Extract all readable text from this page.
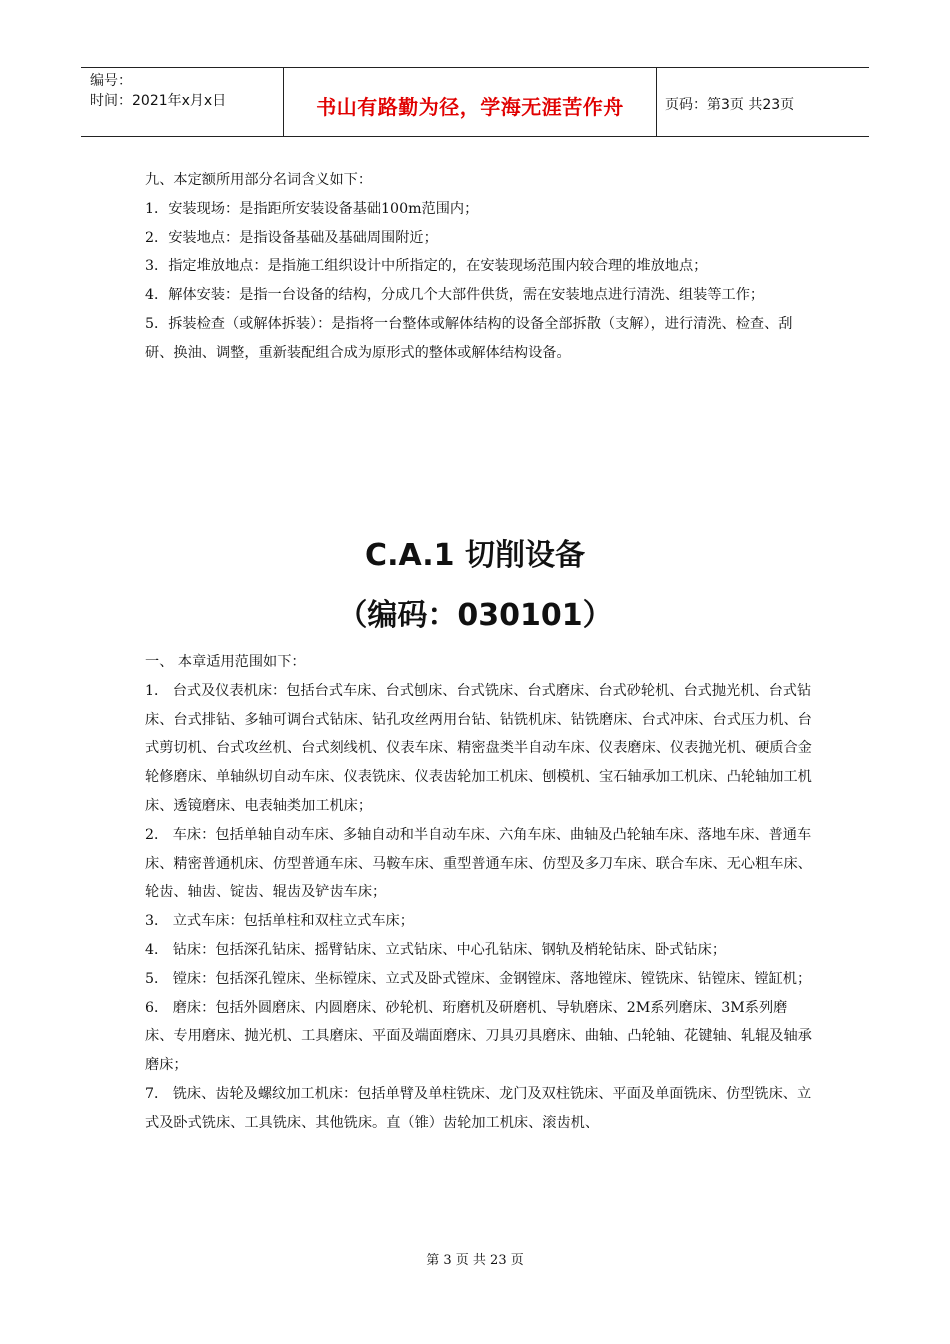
编号：
时间：2021年x月x日	书山有路勤为径，学海无涯苦作舟	页码：第3页 共23页

九、本定额所用部分名词含义如下：

1．安装现场：是指距所安装设备基础100m范围内；

2．安装地点：是指设备基础及基础周围附近；

3．指定堆放地点：是指施工组织设计中所指定的，在安装现场范围内较合理的堆放地点；

4．解体安装：是指一台设备的结构，分成几个大部件供货，需在安装地点进行清洗、组装等工作；

5．拆装检查（或解体拆装）：是指将一台整体或解体结构的设备全部拆散（支解），进行清洗、检查、刮研、换油、调整，重新装配组合成为原形式的整体或解体结构设备。

C.A.1 切削设备
（编码：030101）

一、 本章适用范围如下：

1． 台式及仪表机床：包括台式车床、台式刨床、台式铣床、台式磨床、台式砂轮机、台式抛光机、台式钻床、台式排钻、多轴可调台式钻床、钻孔攻丝两用台钻、钻铣机床、钻铣磨床、台式冲床、台式压力机、台式剪切机、台式攻丝机、台式刻线机、仪表车床、精密盘类半自动车床、仪表磨床、仪表抛光机、硬质合金轮修磨床、单轴纵切自动车床、仪表铣床、仪表齿轮加工机床、刨模机、宝石轴承加工机床、凸轮轴加工机床、透镜磨床、电表轴类加工机床；

2． 车床：包括单轴自动车床、多轴自动和半自动车床、六角车床、曲轴及凸轮轴车床、落地车床、普通车床、精密普通机床、仿型普通车床、马鞍车床、重型普通车床、仿型及多刀车床、联合车床、无心粗车床、轮齿、轴齿、锭齿、辊齿及铲齿车床；

3． 立式车床：包括单柱和双柱立式车床；

4． 钻床：包括深孔钻床、摇臂钻床、立式钻床、中心孔钻床、钢轨及梢轮钻床、卧式钻床；

5． 镗床：包括深孔镗床、坐标镗床、立式及卧式镗床、金钢镗床、落地镗床、镗铣床、钻镗床、镗缸机；

6． 磨床：包括外圆磨床、内圆磨床、砂轮机、珩磨机及研磨机、导轨磨床、2M系列磨床、3M系列磨床、专用磨床、抛光机、工具磨床、平面及端面磨床、刀具刃具磨床、曲轴、凸轮轴、花键轴、轧辊及轴承磨床；

7． 铣床、齿轮及螺纹加工机床：包括单臂及单柱铣床、龙门及双柱铣床、平面及单面铣床、仿型铣床、立式及卧式铣床、工具铣床、其他铣床。直（锥）齿轮加工机床、滚齿机、

第 3 页 共 23 页
